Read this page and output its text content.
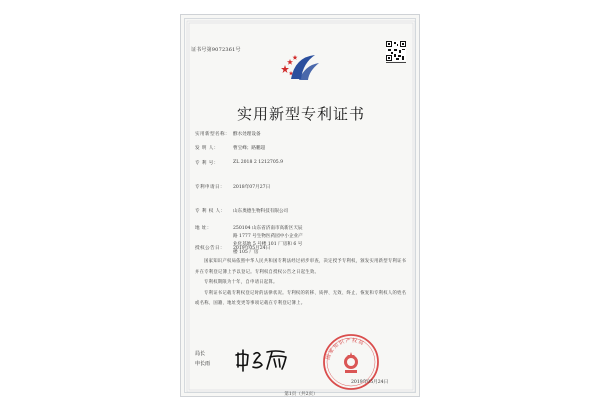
证书号第9072361号
实用新型专利证书
实用新型名称： 酵水处理设备
发 明 人：	曹宝峰；路鹏超
专 利 号：	ZL 2018 2 1212705.9
专利申请日：	2018年07月27日
专 利 权 人：	山东奥德生物科技有限公司
地 址：	250104 山东省济南市高新区天辰路 1777 号生物医药园中小企业产业化基地 5 号楼 101 厂房和 6 号楼 105 厂房
授权公告日：	2019年05月24日

国家知识产权局依照中华人民共和国专利法经过初步审查，决定授予专利权，颁发实用新型专利证书并在专利登记簿上予以登记。专利权自授权公告之日起生效。

专利权期限为十年，自申请日起算。

专利证书记载专利权登记时的法律状况。专利权的转移、质押、无效、终止、恢复和专利权人的姓名或名称、国籍、地址变更等事项记载在专利登记簿上。

局长
申长雨
国家知识产权局
2019年05月24日
第1页（共2页）
